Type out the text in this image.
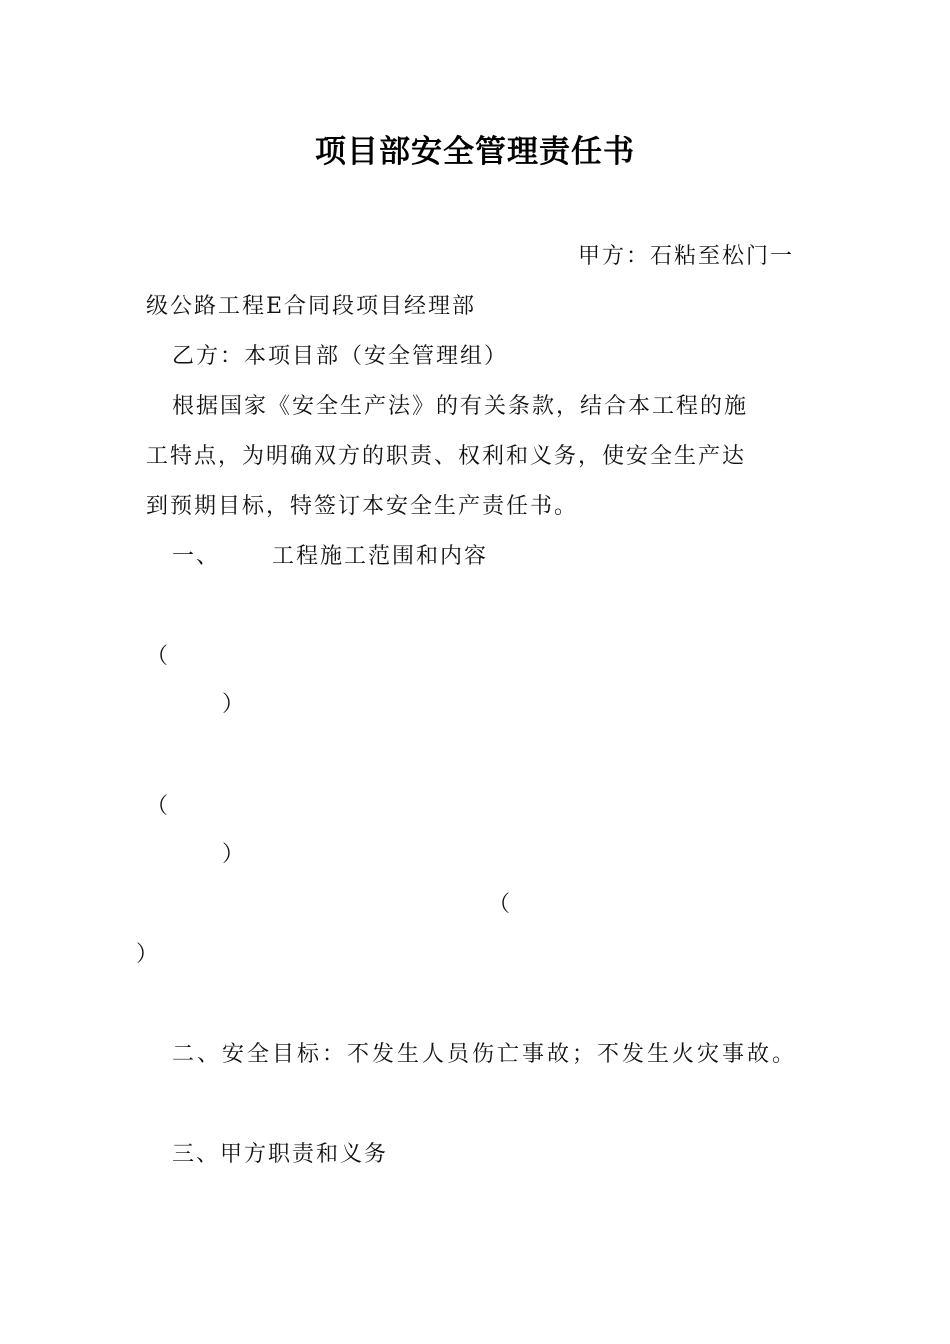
项目部安全管理责任书
甲方：石粘至松门一
级公路工程E合同段项目经理部
乙方：本项目部（安全管理组）
根据国家《安全生产法》的有关条款，结合本工程的施
工特点，为明确双方的职责、权利和义务，使安全生产达
到预期目标，特签订本安全生产责任书。
一、 工程施工范围和内容
（
）
（
）
（
）
二、安全目标：不发生人员伤亡事故；不发生火灾事故。
三、甲方职责和义务
